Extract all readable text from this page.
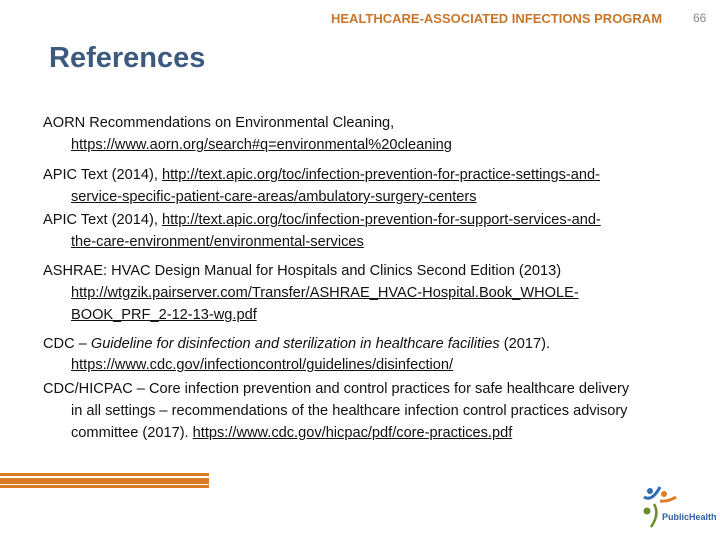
HEALTHCARE-ASSOCIATED INFECTIONS PROGRAM	66
References
AORN Recommendations on Environmental Cleaning,
https://www.aorn.org/search#q=environmental%20cleaning
APIC Text (2014), http://text.apic.org/toc/infection-prevention-for-practice-settings-and-
service-specific-patient-care-areas/ambulatory-surgery-centers
APIC Text (2014), http://text.apic.org/toc/infection-prevention-for-support-services-and-
the-care-environment/environmental-services
ASHRAE: HVAC Design Manual for Hospitals and Clinics Second Edition (2013)
http://wtgzik.pairserver.com/Transfer/ASHRAE_HVAC-Hospital.Book_WHOLE-
BOOK_PRF_2-12-13-wg.pdf
CDC – Guideline for disinfection and sterilization in healthcare facilities (2017).
https://www.cdc.gov/infectioncontrol/guidelines/disinfection/
CDC/HICPAC – Core infection prevention and control practices for safe healthcare delivery
in all settings – recommendations of the healthcare infection control practices advisory
committee (2017). https://www.cdc.gov/hicpac/pdf/core-practices.pdf
PublicHealth
